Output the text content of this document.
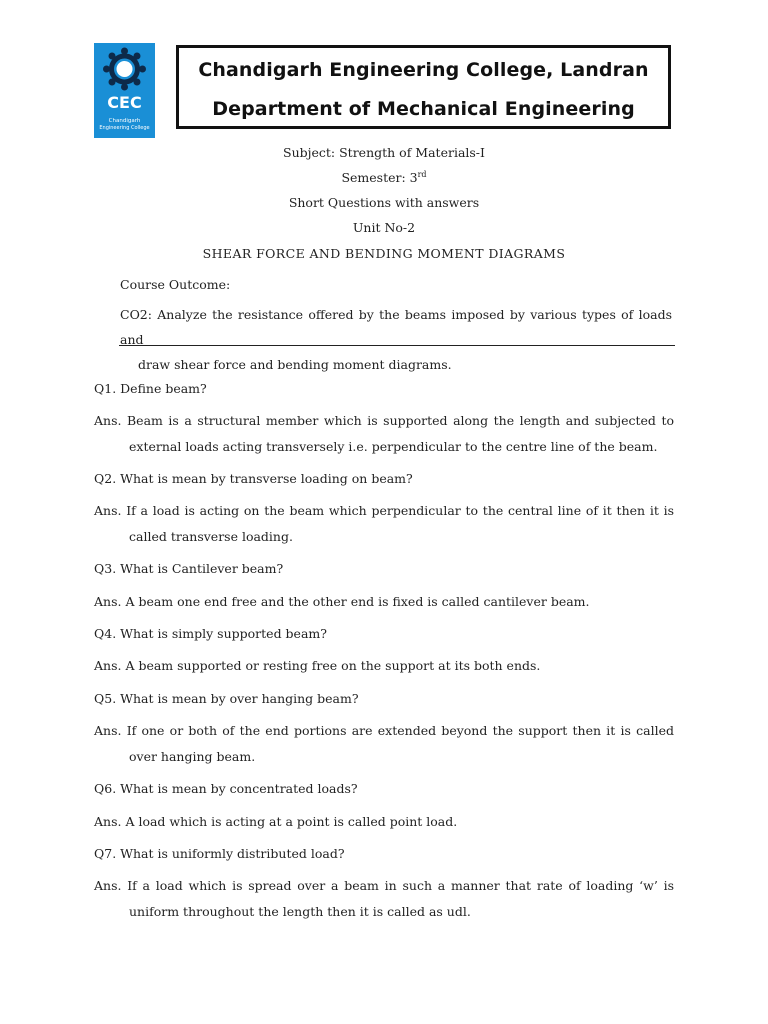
CEC
Chandigarh
Engineering College
Chandigarh Engineering College, Landran
Department of Mechanical Engineering
Subject: Strength of Materials-I
Semester: 3rd
Short Questions with answers
Unit No-2
SHEAR FORCE AND BENDING MOMENT DIAGRAMS
Course Outcome:
CO2: Analyze the resistance offered by the beams imposed by various types of loads and
draw shear force and bending moment diagrams.
Q1. Define beam?
Ans. Beam is a structural member which is supported along the length and subjected to external loads acting transversely i.e. perpendicular to the centre line of the beam.
Q2. What is mean by transverse loading on beam?
Ans. If a load is acting on the beam which perpendicular to the central line of it then it is called transverse loading.
Q3. What is Cantilever beam?
Ans. A beam one end free and the other end is fixed is called cantilever beam.
Q4. What is simply supported beam?
Ans. A beam supported or resting free on the support at its both ends.
Q5. What is mean by over hanging beam?
Ans. If one or both of the end portions are extended beyond the support then it is called over hanging beam.
Q6. What is mean by concentrated loads?
Ans. A load which is acting at a point is called point load.
Q7. What is uniformly distributed load?
Ans. If a load which is spread over a beam in such a manner that rate of loading ‘w’ is uniform throughout the length then it is called as udl.
